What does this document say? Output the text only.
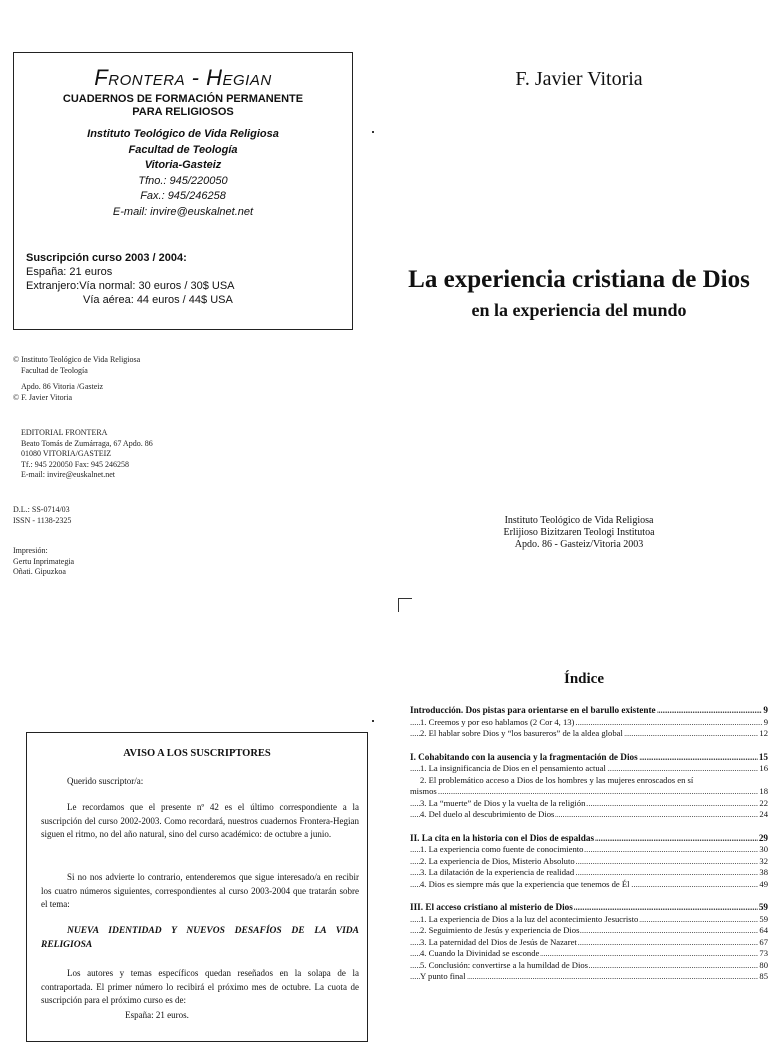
Frontera - Hegian
CUADERNOS DE FORMACIÓN PERMANENTE
PARA RELIGIOSOS
Instituto Teológico de Vida Religiosa
Facultad de Teología
Vitoria-Gasteiz
Tfno.: 945/220050
Fax.: 945/246258
E-mail: invire@euskalnet.net
Suscripción curso 2003 / 2004:
España: 21 euros
Extranjero:Vía normal: 30 euros / 30$ USA
Vía aérea: 44 euros / 44$ USA
© Instituto Teológico de Vida Religiosa
Facultad de Teología
Apdo. 86 Vitoria /Gasteiz
© F. Javier Vitoria
EDITORIAL FRONTERA
Beato Tomás de Zumárraga, 67 Apdo. 86
01080 VITORIA/GASTEIZ
Tf.: 945 220050 Fax: 945 246258
E-mail: invire@euskalnet.net
D.L.: SS-0714/03
ISSN - 1138-2325
Impresión:
Gertu Inprimategia
Oñati. Gipuzkoa
F. Javier Vitoria
La experiencia cristiana de Dios
en la experiencia del mundo
Instituto Teológico de Vida Religiosa
Erlijioso Bizitzaren Teologi Institutoa
Apdo. 86 - Gasteiz/Vitoria 2003
AVISO A LOS SUSCRIPTORES
Querido suscriptor/a:
Le recordamos que el presente nº 42 es el último correspondiente a la suscripción del curso 2002-2003. Como recordará, nuestros cuadernos Frontera-Hegian siguen el ritmo, no del año natural, sino del curso académico: de octubre a junio.
Si no nos advierte lo contrario, entenderemos que sigue interesado/a en recibir los cuatro números siguientes, correspondientes al curso 2003-2004 que tratarán sobre el tema:
NUEVA IDENTIDAD Y NUEVOS DESAFÍOS DE LA VIDA RELIGIOSA
Los autores y temas específicos quedan reseñados en la solapa de la contraportada. El primer número lo recibirá el próximo mes de octubre. La cuota de suscripción para el próximo curso es de:
España: 21 euros.
Índice
.....
Introducción. Dos pistas para orientarse en el barullo existente	9
.....
1. Creemos y por eso hablamos (2 Cor 4, 13)	9
.....
2. El hablar sobre Dios y “los basureros” de la aldea global	12
.....
I. Cohabitando con la ausencia y la fragmentación de Dios	15
.....
1. La insignificancia de Dios en el pensamiento actual	16
2. El problemático acceso a Dios de los hombres y las mujeres enroscados en sí
.....
mismos	18
.....
3. La “muerte” de Dios y la vuelta de la religión	22
.....
4. Del duelo al descubrimiento de Dios	24
.....
II. La cita en la historia con el Dios de espaldas	29
.....
1. La experiencia como fuente de conocimiento	30
.....
2. La experiencia de Dios, Misterio Absoluto	32
.....
3. La dilatación de la experiencia de realidad	38
.....
4. Dios es siempre más que la experiencia que tenemos de Él	49
.....
III. El acceso cristiano al misterio de Dios	59
.....
1. La experiencia de Dios a la luz del acontecimiento Jesucristo	59
.....
2. Seguimiento de Jesús y experiencia de Dios	64
.....
3. La paternidad del Dios de Jesús de Nazaret	67
.....
4. Cuando la Divinidad se esconde	73
.....
5. Conclusión: convertirse a la humildad de Dios	80
.....
Y punto final	85
